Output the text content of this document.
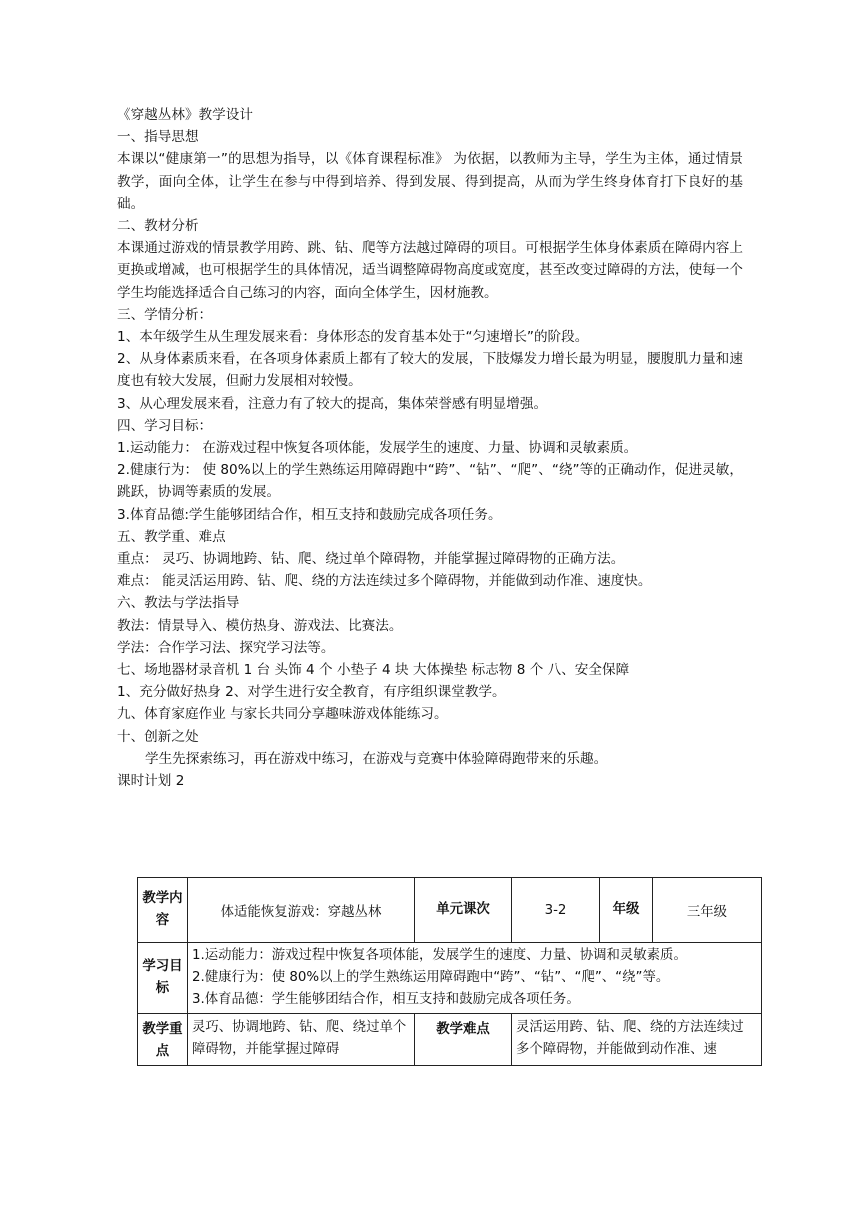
《穿越丛林》教学设计

一、指导思想

本课以“健康第一”的思想为指导，以《体育课程标准》 为依据，以教师为主导，学生为主体，通过情景教学，面向全体，让学生在参与中得到培养、得到发展、得到提高，从而为学生终身体育打下良好的基础。

二、教材分析

本课通过游戏的情景教学用跨、跳、钻、爬等方法越过障碍的项目。可根据学生体身体素质在障碍内容上更换或增减，也可根据学生的具体情况，适当调整障碍物高度或宽度，甚至改变过障碍的方法，使每一个学生均能选择适合自己练习的内容，面向全体学生，因材施教。

三、学情分析：

1、本年级学生从生理发展来看：身体形态的发育基本处于“匀速增长”的阶段。

2、从身体素质来看，在各项身体素质上都有了较大的发展，下肢爆发力增长最为明显，腰腹肌力量和速度也有较大发展，但耐力发展相对较慢。

3、从心理发展来看，注意力有了较大的提高，集体荣誉感有明显增强。

四、学习目标：

1.运动能力： 在游戏过程中恢复各项体能，发展学生的速度、力量、协调和灵敏素质。

2.健康行为： 使 80%以上的学生熟练运用障碍跑中“跨”、“钻”、“爬”、“绕”等的正确动作，促进灵敏，跳跃，协调等素质的发展。

3.体育品德:学生能够团结合作，相互支持和鼓励完成各项任务。

五、教学重、难点

重点： 灵巧、协调地跨、钻、爬、绕过单个障碍物，并能掌握过障碍物的正确方法。

难点： 能灵活运用跨、钻、爬、绕的方法连续过多个障碍物，并能做到动作准、速度快。

六、教法与学法指导

教法：情景导入、模仿热身、游戏法、比赛法。

学法：合作学习法、探究学习法等。

七、场地器材录音机 1 台 头饰 4 个 小垫子 4 块 大体操垫 标志物 8 个 八、安全保障

1、充分做好热身 2、对学生进行安全教育，有序组织课堂教学。

九、体育家庭作业 与家长共同分享趣味游戏体能练习。

十、创新之处

学生先探索练习，再在游戏中练习，在游戏与竞赛中体验障碍跑带来的乐趣。

课时计划 2

教学内容	体适能恢复游戏：穿越丛林	单元课次	3-2	年级	三年级
学习目标	1.运动能力：游戏过程中恢复各项体能，发展学生的速度、力量、协调和灵敏素质。

2.健康行为：使 80%以上的学生熟练运用障碍跑中“跨”、“钻”、“爬”、“绕”等。

3.体育品德：学生能够团结合作，相互支持和鼓励完成各项任务。				

教学重点	灵巧、协调地跨、钻、爬、绕过单个障碍物，并能掌握过障碍	教学难点	灵活运用跨、钻、爬、绕的方法连续过多个障碍物，并能做到动作准、速		
